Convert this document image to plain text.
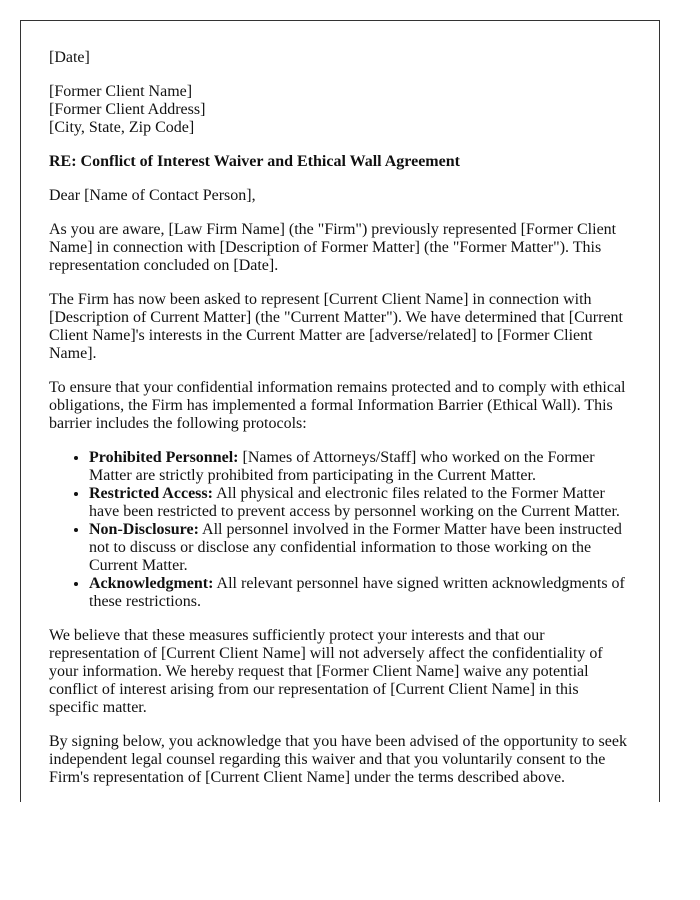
[Date]

[Former Client Name]
[Former Client Address]
[City, State, Zip Code]

RE: Conflict of Interest Waiver and Ethical Wall Agreement

Dear [Name of Contact Person],

As you are aware, [Law Firm Name] (the "Firm") previously represented [Former Client Name] in connection with [Description of Former Matter] (the "Former Matter"). This representation concluded on [Date].

The Firm has now been asked to represent [Current Client Name] in connection with [Description of Current Matter] (the "Current Matter"). We have determined that [Current Client Name]'s interests in the Current Matter are [adverse/related] to [Former Client Name].

To ensure that your confidential information remains protected and to comply with ethical obligations, the Firm has implemented a formal Information Barrier (Ethical Wall). This barrier includes the following protocols:

• Prohibited Personnel: [Names of Attorneys/Staff] who worked on the Former Matter are strictly prohibited from participating in the Current Matter.
• Restricted Access: All physical and electronic files related to the Former Matter have been restricted to prevent access by personnel working on the Current Matter.
• Non-Disclosure: All personnel involved in the Former Matter have been instructed not to discuss or disclose any confidential information to those working on the Current Matter.
• Acknowledgment: All relevant personnel have signed written acknowledgments of these restrictions.

We believe that these measures sufficiently protect your interests and that our representation of [Current Client Name] will not adversely affect the confidentiality of your information. We hereby request that [Former Client Name] waive any potential conflict of interest arising from our representation of [Current Client Name] in this specific matter.

By signing below, you acknowledge that you have been advised of the opportunity to seek independent legal counsel regarding this waiver and that you voluntarily consent to the Firm's representation of [Current Client Name] under the terms described above.
